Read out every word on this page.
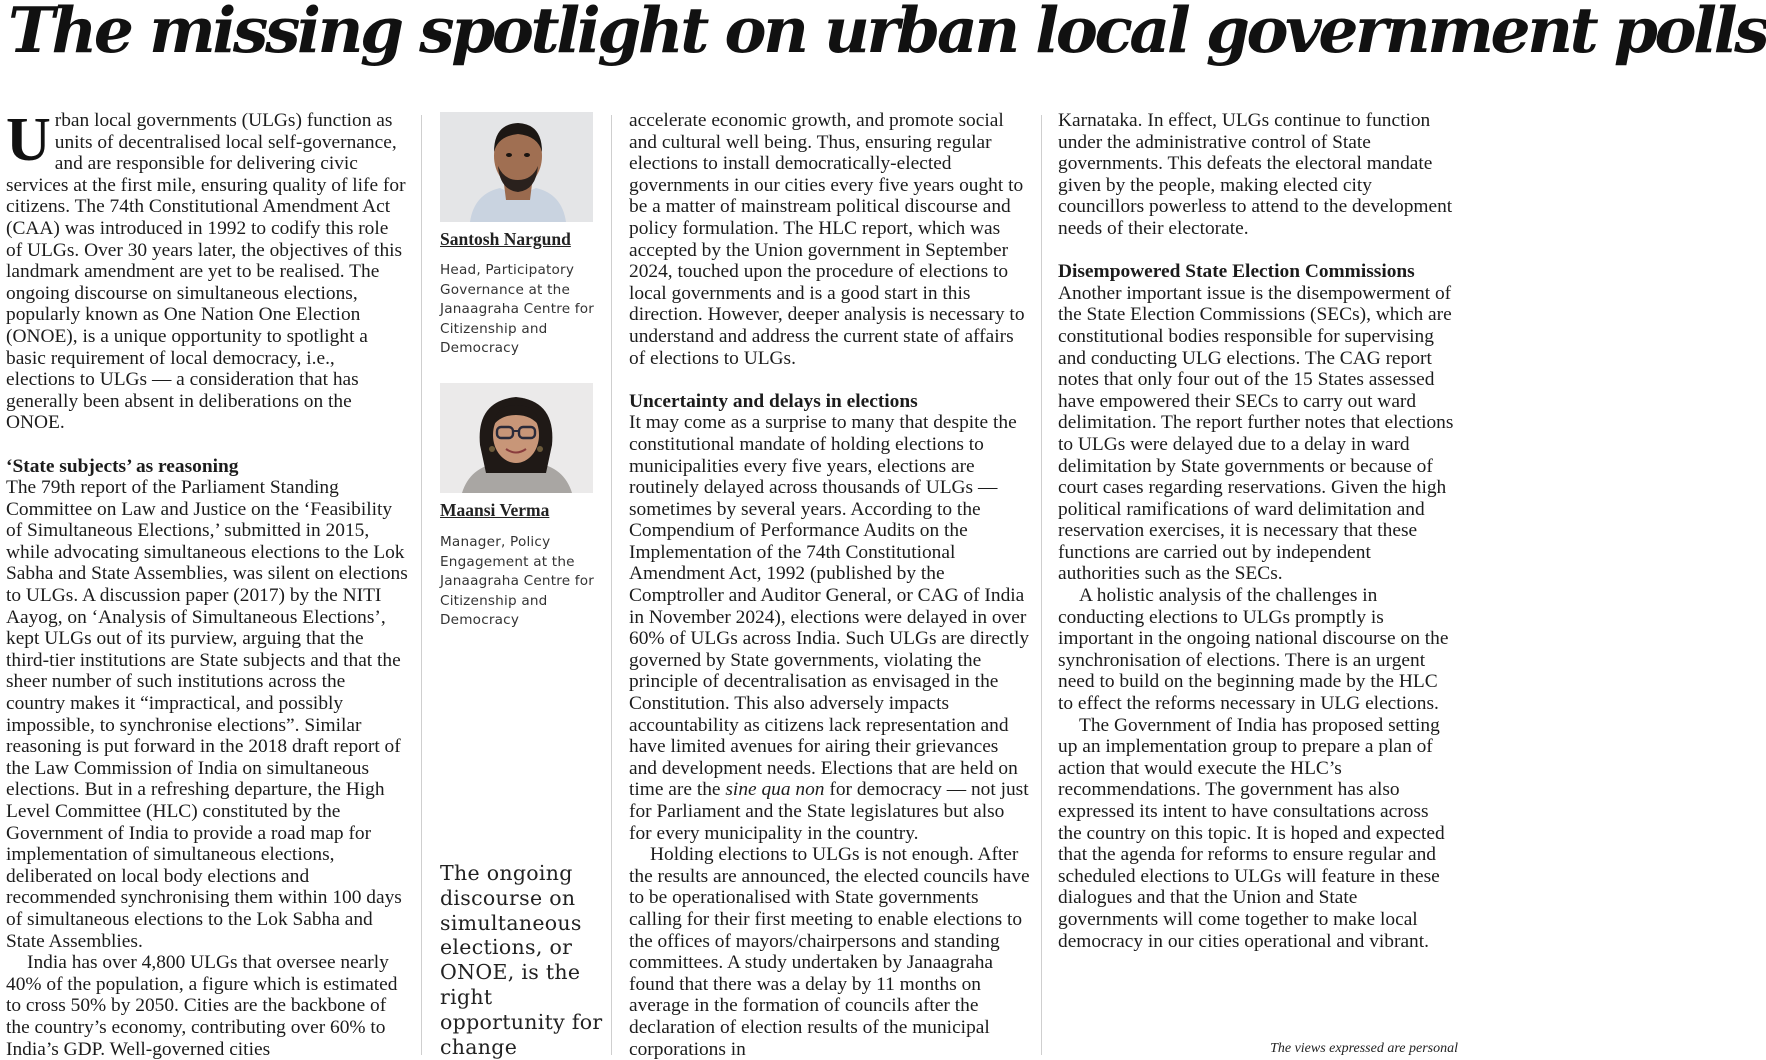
The missing spotlight on urban local government polls

Urban local governments (ULGs) function as units of decentralised local self-governance, and are responsible for delivering civic services at the first mile, ensuring quality of life for citizens. The 74th Constitutional Amendment Act (CAA) was introduced in 1992 to codify this role of ULGs. Over 30 years later, the objectives of this landmark amendment are yet to be realised. The ongoing discourse on simultaneous elections, popularly known as One Nation One Election (ONOE), is a unique opportunity to spotlight a basic requirement of local democracy, i.e., elections to ULGs — a consideration that has generally been absent in deliberations on the ONOE.

‘State subjects’ as reasoning

The 79th report of the Parliament Standing Committee on Law and Justice on the ‘Feasibility of Simultaneous Elections,’ submitted in 2015, while advocating simultaneous elections to the Lok Sabha and State Assemblies, was silent on elections to ULGs. A discussion paper (2017) by the NITI Aayog, on ‘Analysis of Simultaneous Elections’, kept ULGs out of its purview, arguing that the third-tier institutions are State subjects and that the sheer number of such institutions across the country makes it “impractical, and possibly impossible, to synchronise elections”. Similar reasoning is put forward in the 2018 draft report of the Law Commission of India on simultaneous elections. But in a refreshing departure, the High Level Committee (HLC) constituted by the Government of India to provide a road map for implementation of simultaneous elections, deliberated on local body elections and recommended synchronising them within 100 days of simultaneous elections to the Lok Sabha and State Assemblies.

India has over 4,800 ULGs that oversee nearly 40% of the population, a figure which is estimated to cross 50% by 2050. Cities are the backbone of the country’s economy, contributing over 60% to India’s GDP. Well-governed cities

Santosh Nargund
Head, Participatory Governance at the Janaagraha Centre for Citizenship and Democracy
Maansi Verma
Manager, Policy Engagement at the Janaagraha Centre for Citizenship and Democracy
The ongoing discourse on simultaneous elections, or ONOE, is the right opportunity for change

accelerate economic growth, and promote social and cultural well being. Thus, ensuring regular elections to install democratically-elected governments in our cities every five years ought to be a matter of mainstream political discourse and policy formulation. The HLC report, which was accepted by the Union government in September 2024, touched upon the procedure of elections to local governments and is a good start in this direction. However, deeper analysis is necessary to understand and address the current state of affairs of elections to ULGs.

Uncertainty and delays in elections

It may come as a surprise to many that despite the constitutional mandate of holding elections to municipalities every five years, elections are routinely delayed across thousands of ULGs — sometimes by several years. According to the Compendium of Performance Audits on the Implementation of the 74th Constitutional Amendment Act, 1992 (published by the Comptroller and Auditor General, or CAG of India in November 2024), elections were delayed in over 60% of ULGs across India. Such ULGs are directly governed by State governments, violating the principle of decentralisation as envisaged in the Constitution. This also adversely impacts accountability as citizens lack representation and have limited avenues for airing their grievances and development needs. Elections that are held on time are the sine qua non for democracy — not just for Parliament and the State legislatures but also for every municipality in the country.

Holding elections to ULGs is not enough. After the results are announced, the elected councils have to be operationalised with State governments calling for their first meeting to enable elections to the offices of mayors/chairpersons and standing committees. A study undertaken by Janaagraha found that there was a delay by 11 months on average in the formation of councils after the declaration of election results of the municipal corporations in

Karnataka. In effect, ULGs continue to function under the administrative control of State governments. This defeats the electoral mandate given by the people, making elected city councillors powerless to attend to the development needs of their electorate.

Disempowered State Election Commissions

Another important issue is the disempowerment of the State Election Commissions (SECs), which are constitutional bodies responsible for supervising and conducting ULG elections. The CAG report notes that only four out of the 15 States assessed have empowered their SECs to carry out ward delimitation. The report further notes that elections to ULGs were delayed due to a delay in ward delimitation by State governments or because of court cases regarding reservations. Given the high political ramifications of ward delimitation and reservation exercises, it is necessary that these functions are carried out by independent authorities such as the SECs.

A holistic analysis of the challenges in conducting elections to ULGs promptly is important in the ongoing national discourse on the synchronisation of elections. There is an urgent need to build on the beginning made by the HLC to effect the reforms necessary in ULG elections.

The Government of India has proposed setting up an implementation group to prepare a plan of action that would execute the HLC’s recommendations. The government has also expressed its intent to have consultations across the country on this topic. It is hoped and expected that the agenda for reforms to ensure regular and scheduled elections to ULGs will feature in these dialogues and that the Union and State governments will come together to make local democracy in our cities operational and vibrant.

The views expressed are personal
